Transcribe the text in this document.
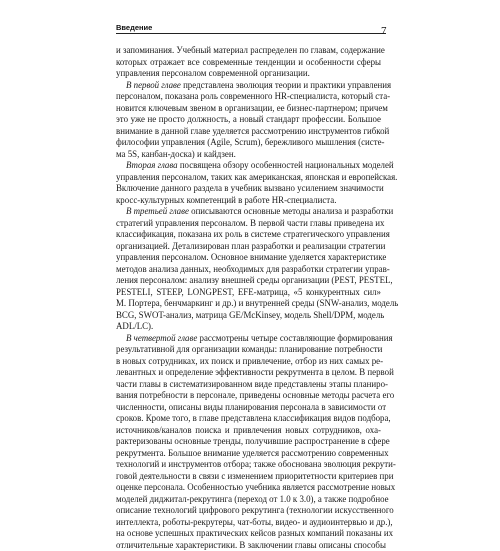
Введение	7
и запоминания. Учебный материал распределен по главам, содержание
которых отражает все современные тенденции и особенности сферы
управления персоналом современной организации.
В первой главе представлена эволюция теории и практики управления
персоналом, показана роль современного HR-специалиста, который ста-
новится ключевым звеном в организации, ее бизнес-партнером; причем
это уже не просто должность, а новый стандарт профессии. Большое
внимание в данной главе уделяется рассмотрению инструментов гибкой
философии управления (Agile, Scrum), бережливого мышления (систе-
ма 5S, канбан-доска) и кайдзен.
Вторая глава посвящена обзору особенностей национальных моделей
управления персоналом, таких как американская, японская и европейская.
Включение данного раздела в учебник вызвано усилением значимости
кросс-культурных компетенций в работе HR-специалиста.
В третьей главе описываются основные методы анализа и разработки
стратегий управления персоналом. В первой части главы приведена их
классификация, показана их роль в системе стратегического управления
организацией. Детализирован план разработки и реализации стратегии
управления персоналом. Основное внимание уделяется характеристике
методов анализа данных, необходимых для разработки стратегии управ-
ления персоналом: анализу внешней среды организации (PEST, PESTEL,
PESTELI, STEEP, LONGPEST, EFE-матрица, «5 конкурентных сил»
М. Портера, бенчмаркинг и др.) и внутренней среды (SNW-анализ, модель
BCG, SWOT-анализ, матрица GE/McKinsey, модель Shell/DPM, модель
ADL/LC).
В четвертой главе рассмотрены четыре составляющие формирования
результативной для организации команды: планирование потребности
в новых сотрудниках, их поиск и привлечение, отбор из них самых ре-
левантных и определение эффективности рекрутмента в целом. В первой
части главы в систематизированном виде представлены этапы планиро-
вания потребности в персонале, приведены основные методы расчета его
численности, описаны виды планирования персонала в зависимости от
сроков. Кроме того, в главе представлена классификация видов подбора,
источников/каналов поиска и привлечения новых сотрудников, оха-
рактеризованы основные тренды, получившие распространение в сфере
рекрутмента. Большое внимание уделяется рассмотрению современных
технологий и инструментов отбора; также обоснована эволюция рекрути-
говой деятельности в связи с изменением приоритетности критериев при
оценке персонала. Особенностью учебника является рассмотрение новых
моделей диджитал-рекрутинга (переход от 1.0 к 3.0), а также подробное
описание технологий цифрового рекрутинга (технологии искусственного
интеллекта, роботы-рекрутеры, чат-боты, видео- и аудиоинтервью и др.),
на основе успешных практических кейсов разных компаний показаны их
отличительные характеристики. В заключении главы описаны способы
